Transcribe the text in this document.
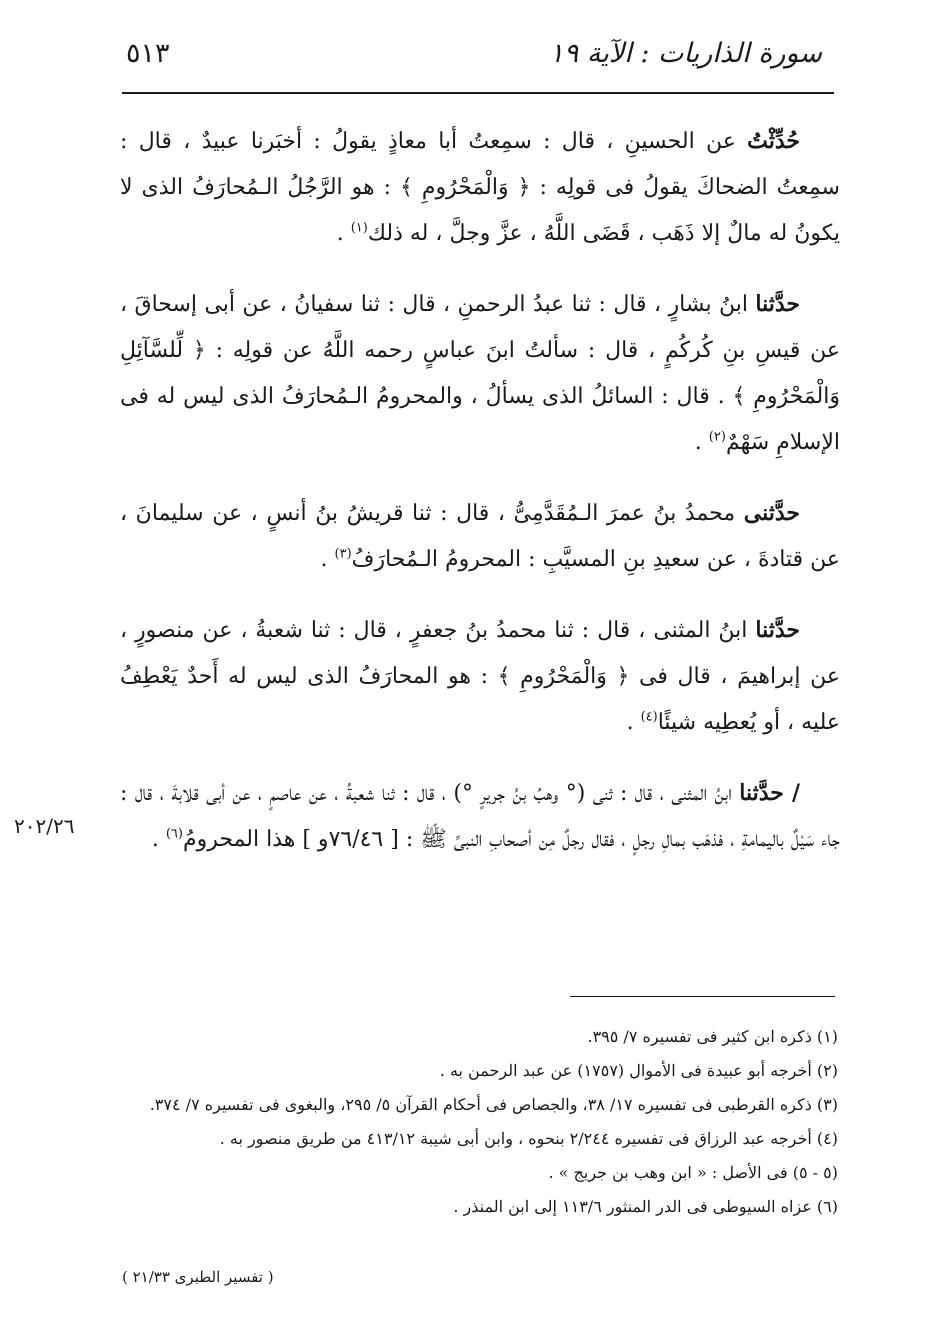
سورة الذاريات : الآية ١٩
٥١٣

حُدِّثْتُ عن الحسينِ ، قال : سمِعتُ أبا معاذٍ يقولُ : أخبَرنا عبيدٌ ، قال : سمِعتُ الضحاكَ يقولُ فى قولِه : ﴿ وَالْمَحْرُومِ ﴾ : هو الرَّجُلُ الـمُحارَفُ الذى لا يكونُ له مالٌ إلا ذَهَب ، قَضَى اللَّهُ ، عزَّ وجلَّ ، له ذلك$^{(١)}$ .

حدَّثنا ابنُ بشارٍ ، قال : ثنا عبدُ الرحمنِ ، قال : ثنا سفيانُ ، عن أبى إسحاقَ ، عن قيسِ بنِ كُركُمٍ ، قال : سألتُ ابنَ عباسٍ رحمه اللَّهُ عن قولِه : ﴿ لِّلسَّآئِلِ وَالْمَحْرُومِ ﴾ . قال : السائلُ الذى يسألُ ، والمحرومُ الـمُحارَفُ الذى ليس له فى الإسلامِ سَهْمٌ$^{(٢)}$ .

حدَّثنى محمدُ بنُ عمرَ الـمُقَدَّمِىُّ ، قال : ثنا قريشُ بنُ أنسٍ ، عن سليمانَ ، عن قتادةَ ، عن سعيدِ بنِ المسيَّبِ : المحرومُ الـمُحارَفُ$^{(٣)}$ .

حدَّثنا ابنُ المثنى ، قال : ثنا محمدُ بنُ جعفرٍ ، قال : ثنا شعبةُ ، عن منصورٍ ، عن إبراهيمَ ، قال فى ﴿ وَالْمَحْرُومِ ﴾ : هو المحارَفُ الذى ليس له أَحدٌ يَعْطِفُ عليه ، أو يُعطِيه شيئًا$^{(٤)}$ .

/ حدَّثنا ابنُ المثنى ، قال : ثنى (° وهبُ بنُ جريرٍ °) ، قال : ثنا شعبةُ ، عن عاصمٍ ، عن أبى قلابةَ ، قال : جاء سَيْلٌ باليمامةِ ، فذهَب بمالِ رجلٍ ، فقال رجلٌ مِن أصحابِ النبىِّ ﷺ : [ ٧٦/٤٦و ] هذا المحرومُ$^{(٦)}$ .

٢٠٢/٢٦
(١) ذكره ابن كثير فى تفسيره ٧/ ٣٩٥.
(٢) أخرجه أبو عبيدة فى الأموال (١٧٥٧) عن عبد الرحمن به .
(٣) ذكره القرطبى فى تفسيره ١٧/ ٣٨، والجصاص فى أحكام القرآن ٥/ ٢٩٥، والبغوى فى تفسيره ٧/ ٣٧٤.
(٤) أخرجه عبد الرزاق فى تفسيره ٢/٢٤٤ بنحوه ، وابن أبى شيبة ٤١٣/١٢ من طريق منصور به .
(٥ - ٥) فى الأصل : « ابن وهب بن جريج » .
(٦) عزاه السيوطى فى الدر المنثور ١١٣/٦ إلى ابن المنذر .
( تفسير الطبرى ٢١/٣٣ )
